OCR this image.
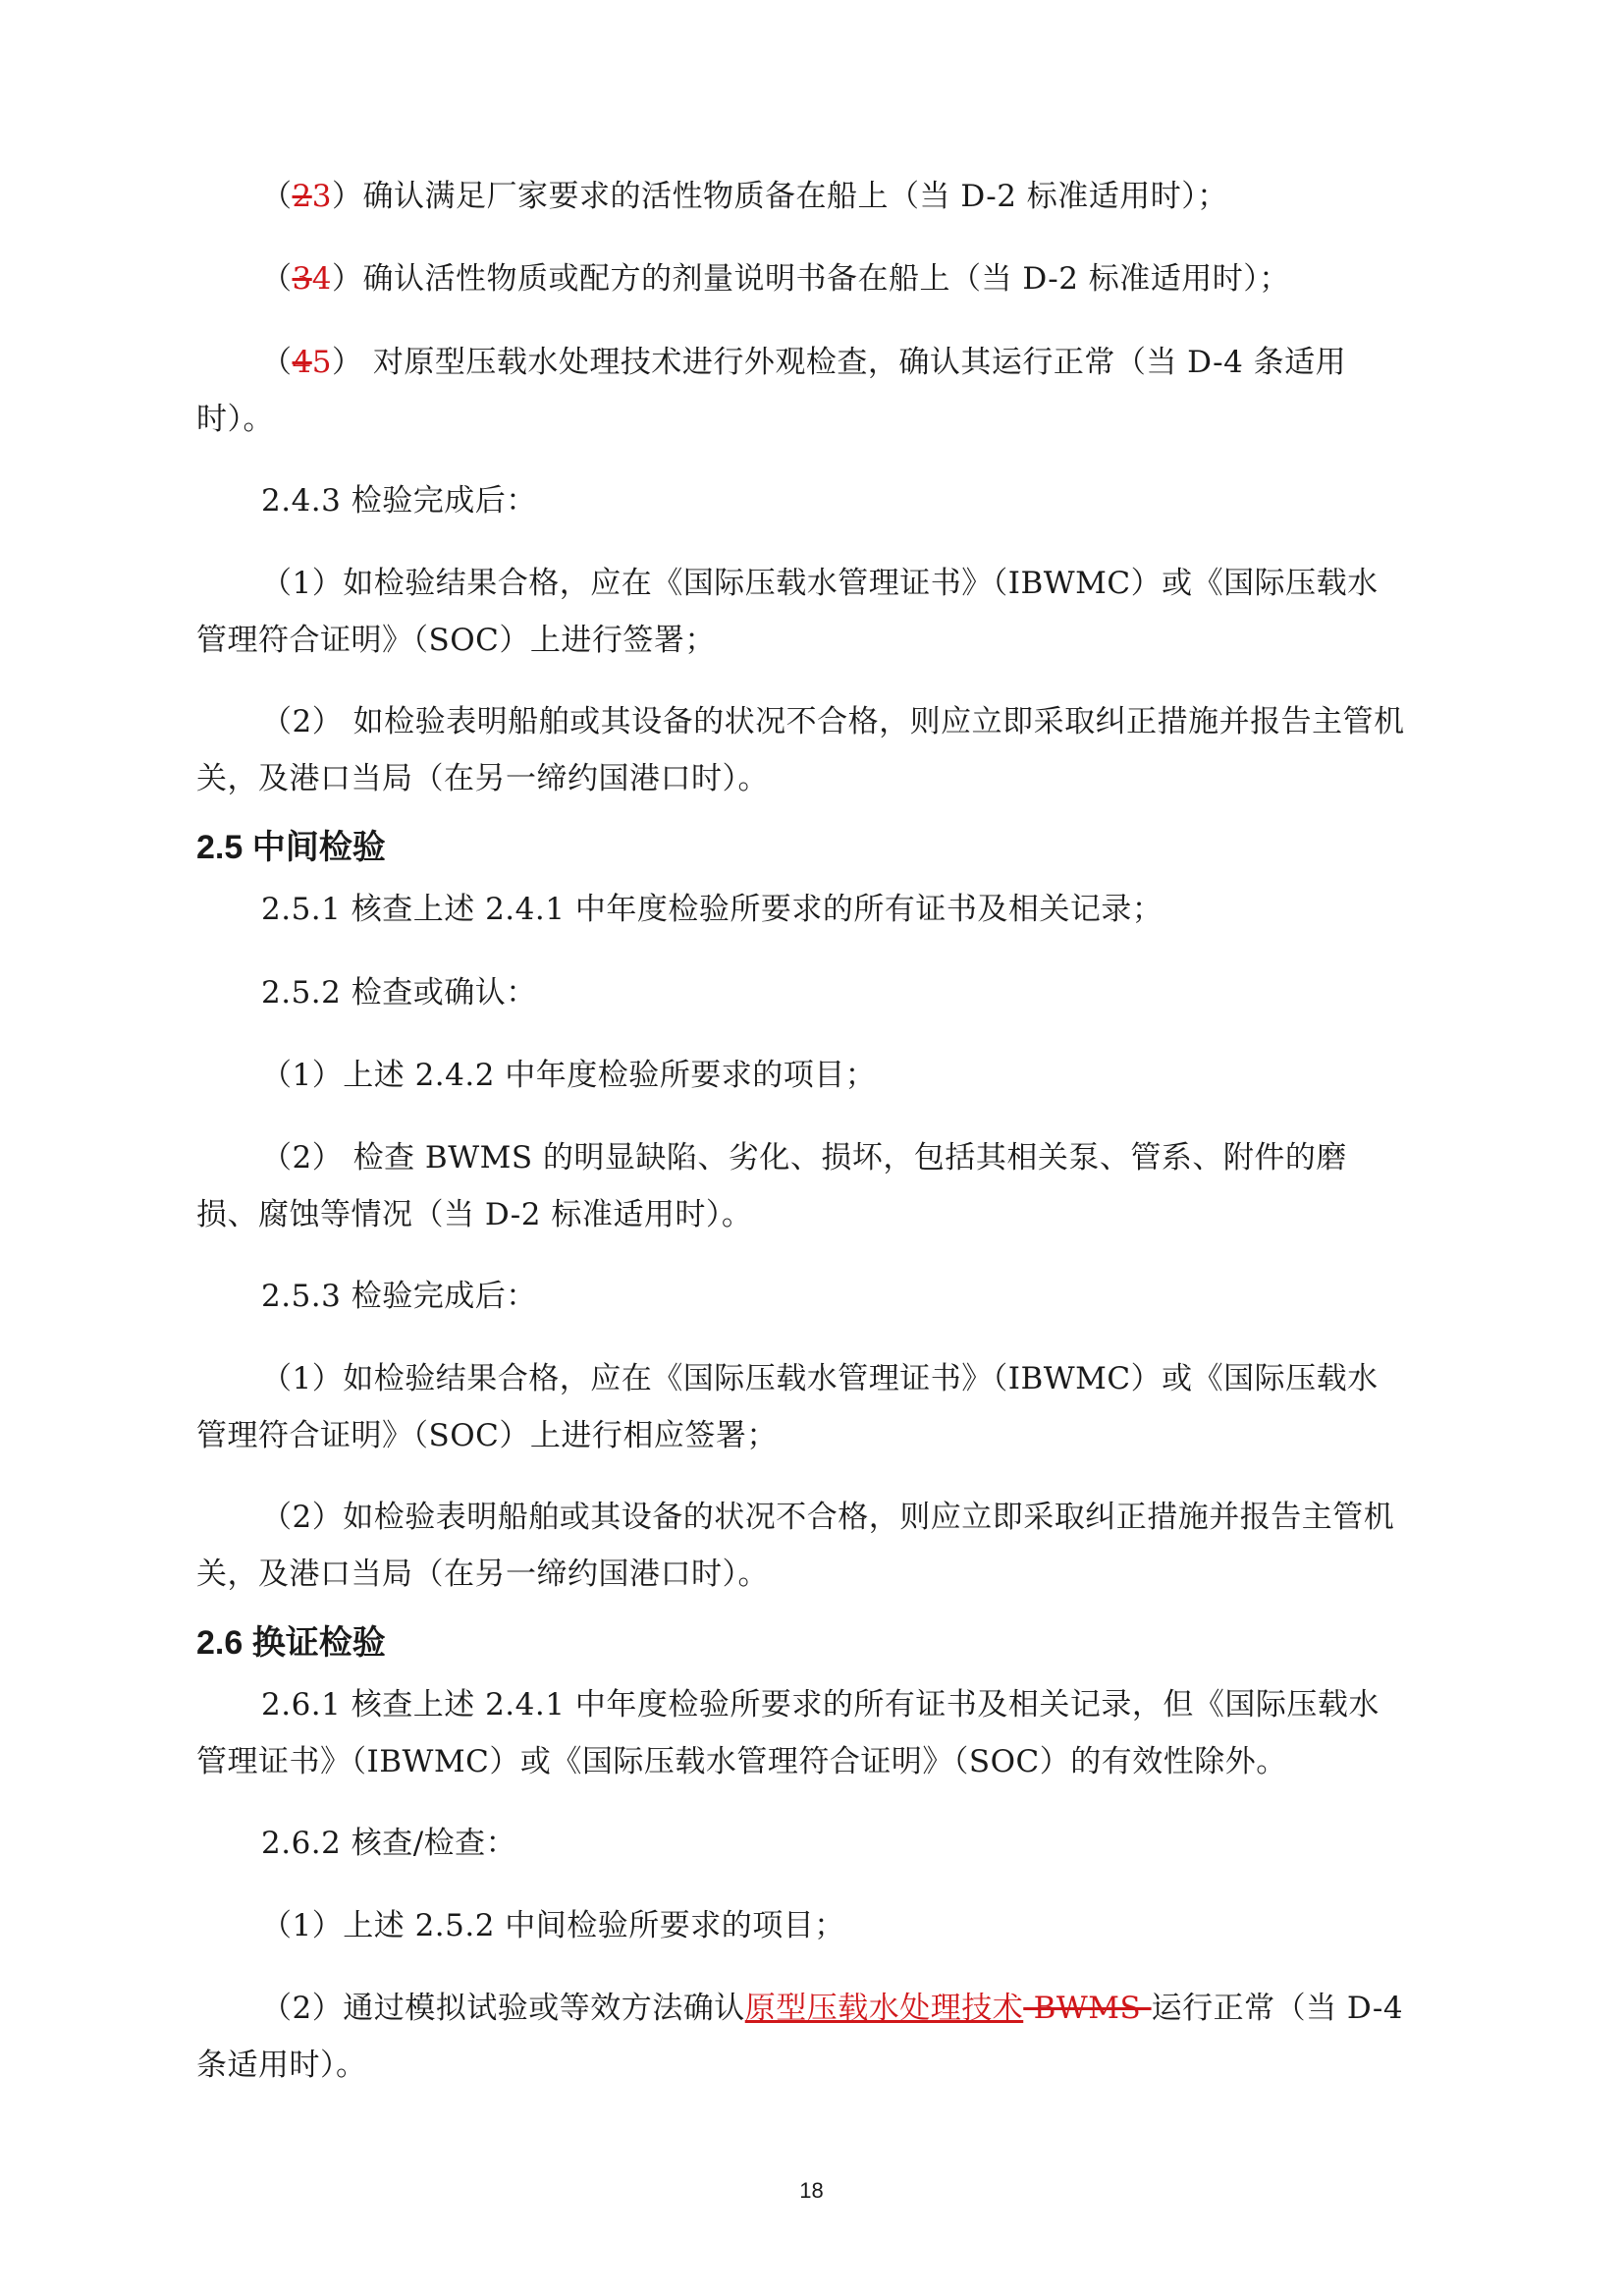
（23）确认满足厂家要求的活性物质备在船上（当 D-2 标准适用时）；

（34）确认活性物质或配方的剂量说明书备在船上（当 D-2 标准适用时）；

（45） 对原型压载水处理技术进行外观检查，确认其运行正常（当 D-4 条适用时）。

2.4.3 检验完成后：

（1）如检验结果合格，应在《国际压载水管理证书》（IBWMC）或《国际压载水管理符合证明》（SOC）上进行签署；

（2） 如检验表明船舶或其设备的状况不合格，则应立即采取纠正措施并报告主管机关，及港口当局（在另一缔约国港口时）。

2.5 中间检验

2.5.1 核查上述 2.4.1 中年度检验所要求的所有证书及相关记录；

2.5.2 检查或确认：

（1）上述 2.4.2 中年度检验所要求的项目；

（2） 检查 BWMS 的明显缺陷、劣化、损坏，包括其相关泵、管系、附件的磨损、腐蚀等情况（当 D-2 标准适用时）。

2.5.3 检验完成后：

（1）如检验结果合格，应在《国际压载水管理证书》（IBWMC）或《国际压载水管理符合证明》（SOC）上进行相应签署；

（2）如检验表明船舶或其设备的状况不合格，则应立即采取纠正措施并报告主管机关，及港口当局（在另一缔约国港口时）。

2.6 换证检验

2.6.1 核查上述 2.4.1 中年度检验所要求的所有证书及相关记录，但《国际压载水管理证书》（IBWMC）或《国际压载水管理符合证明》（SOC）的有效性除外。

2.6.2 核查/检查：

（1）上述 2.5.2 中间检验所要求的项目；

（2）通过模拟试验或等效方法确认原型压载水处理技术 BWMS 运行正常（当 D-4 条适用时）。

18
